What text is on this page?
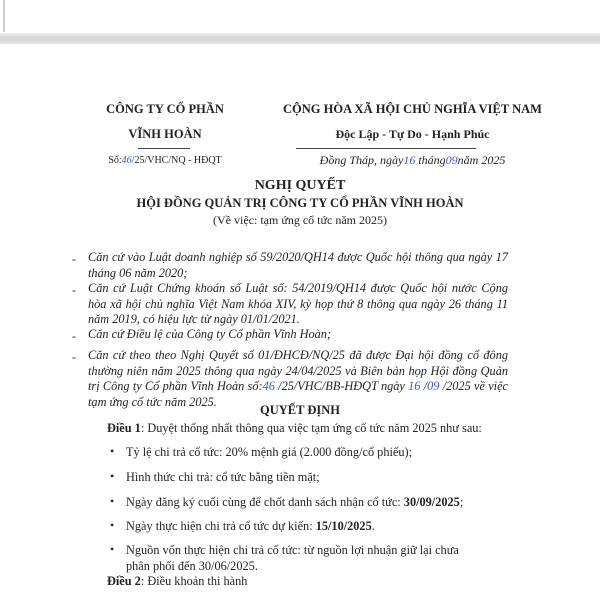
CÔNG TY CỔ PHẦN
VĨNH HOÀN
Số:46/25/VHC/NQ - HĐQT
CỘNG HÒA XÃ HỘI CHỦ NGHĨA VIỆT NAM
Độc Lập - Tự Do - Hạnh Phúc
Đồng Tháp, ngày16 tháng09năm 2025
NGHỊ QUYẾT
HỘI ĐỒNG QUẢN TRỊ CÔNG TY CỔ PHẦN VĨNH HOÀN
(Về việc: tạm ứng cổ tức năm 2025)
- Căn cứ vào Luật doanh nghiệp số 59/2020/QH14 được Quốc hội thông qua ngày 17 tháng 06 năm 2020;
- Căn cứ Luật Chứng khoán số Luật số: 54/2019/QH14 được Quốc hội nước Cộng hòa xã hội chủ nghĩa Việt Nam khóa XIV, kỳ họp thứ 8 thông qua ngày 26 tháng 11 năm 2019, có hiệu lực từ ngày 01/01/2021.
- Căn cứ Điều lệ của Công ty Cổ phần Vĩnh Hoàn;
- Căn cứ theo theo Nghị Quyết số 01/ĐHCĐ/NQ/25 đã được Đại hội đồng cổ đông thường niên năm 2025 thông qua ngày 24/04/2025 và Biên bản họp Hội đồng Quản trị Công ty Cổ phần Vĩnh Hoàn số:46 /25/VHC/BB-HĐQT ngày 16 /09 /2025 về việc tạm ứng cổ tức năm 2025.
QUYẾT ĐỊNH
Điều 1: Duyệt thống nhất thông qua việc tạm ứng cổ tức năm 2025 như sau:
• Tỷ lệ chi trả cổ tức: 20% mệnh giá (2.000 đồng/cổ phiếu);
• Hình thức chi trả: cổ tức bằng tiền mặt;
• Ngày đăng ký cuối cùng để chốt danh sách nhận cổ tức: 30/09/2025;
• Ngày thực hiện chi trả cổ tức dự kiến: 15/10/2025.
• Nguồn vốn thực hiện chi trả cổ tức: từ nguồn lợi nhuận giữ lại chưa phân phối đến 30/06/2025.
Điều 2: Điều khoản thi hành
